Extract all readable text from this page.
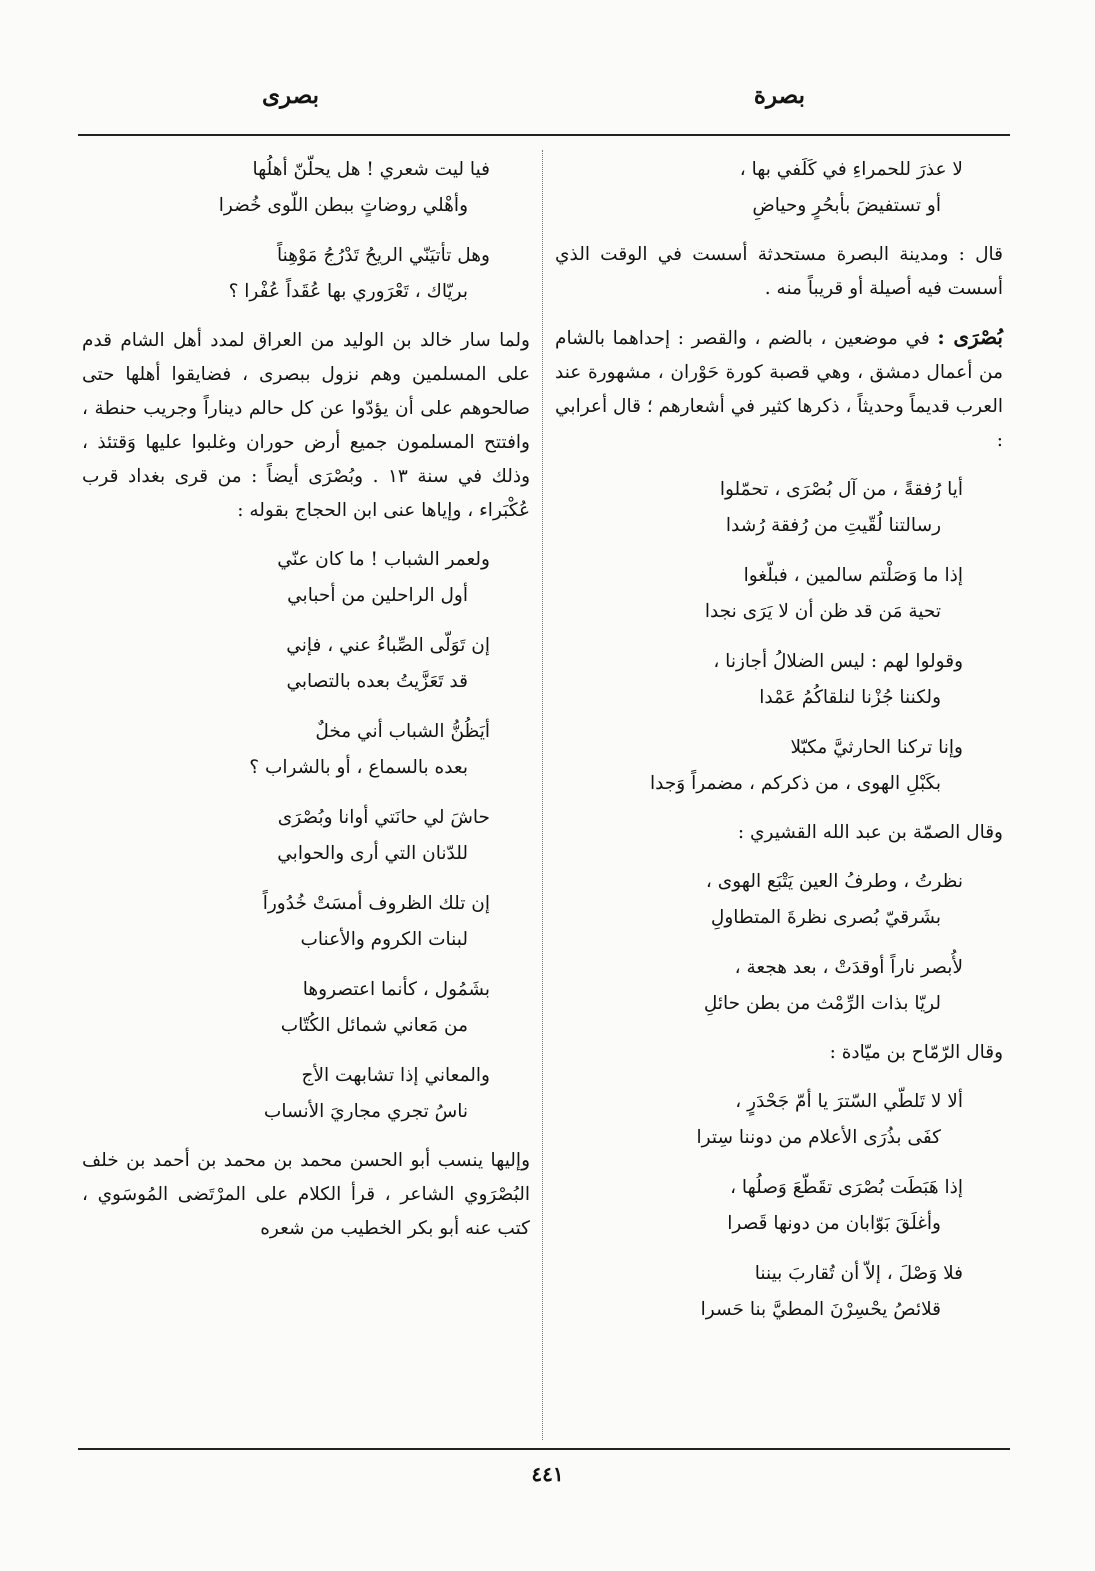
بصرة
بصرى
لا عذرَ للحمراءِ في كَلَفي بها ،
أو تستفيضَ بأبحُرٍ وحياضِ
قال : ومدينة البصرة مستحدثة أسست في الوقت الذي أسست فيه أصيلة أو قريباً منه .
بُصْرَى : في موضعين ، بالضم ، والقصر : إحداهما بالشام من أعمال دمشق ، وهي قصبة كورة حَوْران ، مشهورة عند العرب قديماً وحديثاً ، ذكرها كثير في أشعارهم ؛ قال أعرابي :
أيا رُفقةً ، من آل بُصْرَى ، تحمّلوا
رسالتنا لُقّيتِ من رُفقة رُشدا
إذا ما وَصَلْتم سالمين ، فبلّغوا
تحية مَن قد ظن أن لا يَرَى نجدا
وقولوا لهم : ليس الضلالُ أجازنا ،
ولكننا جُزْنا لنلقاكُمُ عَمْدا
وإنا تركنا الحارثيَّ مكبّلا
بكَبْلِ الهوى ، من ذكركم ، مضمراً وَجدا
وقال الصمّة بن عبد الله القشيري :
نظرتُ ، وطرفُ العين يَتْبَع الهوى ،
بشَرقيّ بُصرى نظرةَ المتطاولِ
لأُبصر ناراً أوقدَتْ ، بعد هجعة ،
لريّا بذات الرِّمْث من بطن حائلِ
وقال الرّمّاح بن ميّادة :
ألا لا تَلطّي السّترَ يا أمّ جَحْدَرٍ ،
كفَى بذُرَى الأعلام من دوننا سِترا
إذا هَبَطَت بُصْرَى تقَطّعَ وَصلُها ،
وأغلَقَ بَوّابان من دونها قَصرا
فلا وَصْلَ ، إلاّ أن تُقاربَ بيننا
قلائصُ يحْسِرْنَ المطيَّ بنا حَسرا
فيا ليت شعري ! هل يحلّنّ أهلُها
وأهْلي روضاتٍ ببطن اللّوى خُضرا
وهل تأتيَنّي الريحُ تَدْرُجُ مَوْهِناً
بريّاك ، تَعْرَوري بها عُقَداً عُفْرا ؟
ولما سار خالد بن الوليد من العراق لمدد أهل الشام قدم على المسلمين وهم نزول ببصرى ، فضايقوا أهلها حتى صالحوهم على أن يؤدّوا عن كل حالم ديناراً وجريب حنطة ، وافتتح المسلمون جميع أرض حوران وغلبوا عليها وَقتئذ ، وذلك في سنة ١٣ . وبُصْرَى أيضاً : من قرى بغداد قرب عُكْبَراء ، وإياها عنى ابن الحجاج بقوله :
ولعمر الشباب ! ما كان عنّي
أول الراحلين من أحبابي
إن تَوَلّى الصِّباءُ عني ، فإني
قد تَعَزَّيتُ بعده بالتصابي
أيَظُنُّ الشباب أني مخلٌ
بعده بالسماع ، أو بالشراب ؟
حاشَ لي حانَتي أوانا وبُصْرَى
للدّنان التي أرى والحوابي
إن تلك الظروف أمسَتْ خُدُوراً
لبنات الكروم والأعناب
بشَمُول ، كأنما اعتصروها
من مَعاني شمائل الكُتّاب
والمعاني إذا تشابهت الأج
ناسُ تجري مجاريَ الأنساب
وإليها ينسب أبو الحسن محمد بن محمد بن أحمد بن خلف البُصْرَوي الشاعر ، قرأ الكلام على المرْتَضى المُوسَوي ، كتب عنه أبو بكر الخطيب من شعره
٤٤١
